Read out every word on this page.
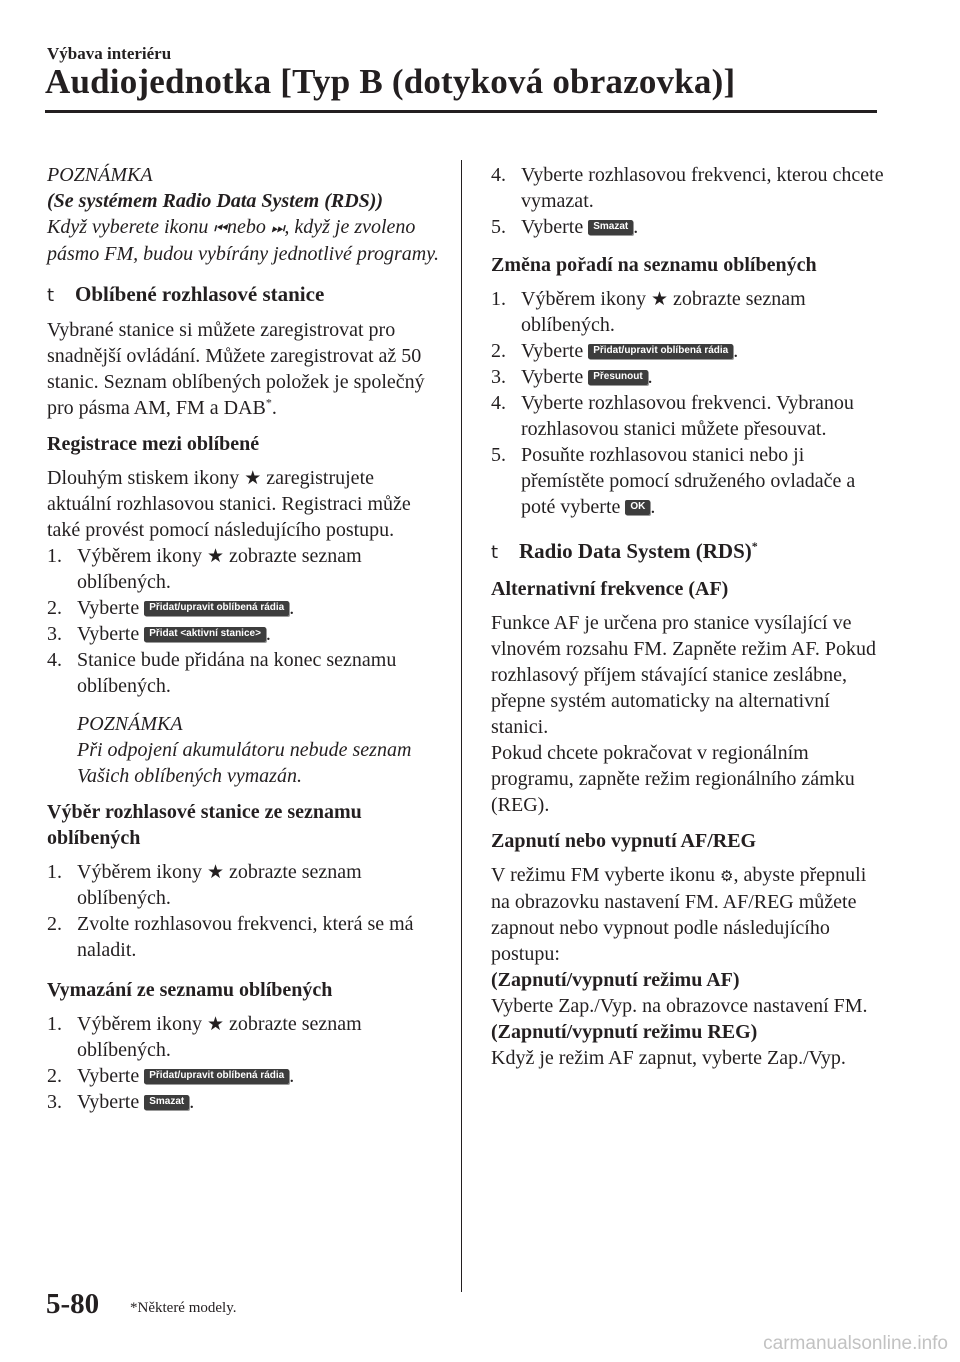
Výbava interiéru
Audiojednotka [Typ B (dotyková obrazovka)]
POZNÁMKA
(Se systémem Radio Data System (RDS))
Když vyberete ikonu ⏮nebo ⏭, když je zvoleno pásmo FM, budou vybírány jednotlivé programy.
t Oblíbené rozhlasové stanice

Vybrané stanice si můžete zaregistrovat pro snadnější ovládání. Můžete zaregistrovat až 50 stanic. Seznam oblíbených položek je společný pro pásma AM, FM a DAB*.

Registrace mezi oblíbené

Dlouhým stiskem ikony ★ zaregistrujete aktuální rozhlasovou stanici. Registraci může také provést pomocí následujícího postupu.

1. Výběrem ikony ★ zobrazte seznam oblíbených.
2. Vyberte Přidat/upravit oblíbená rádia .
3. Vyberte Přidat <aktivní stanice> .
4. Stanice bude přidána na konec seznamu oblíbených.
POZNÁMKA
Při odpojení akumulátoru nebude seznam Vašich oblíbených vymazán.
Výběr rozhlasové stanice ze seznamu oblíbených
1. Výběrem ikony ★ zobrazte seznam oblíbených.
2. Zvolte rozhlasovou frekvenci, která se má naladit.
Vymazání ze seznamu oblíbených
1. Výběrem ikony ★ zobrazte seznam oblíbených.
2. Vyberte Přidat/upravit oblíbená rádia .
3. Vyberte Smazat .
4. Vyberte rozhlasovou frekvenci, kterou chcete vymazat.
5. Vyberte Smazat .
Změna pořadí na seznamu oblíbených
1. Výběrem ikony ★ zobrazte seznam oblíbených.
2. Vyberte Přidat/upravit oblíbená rádia .
3. Vyberte Přesunout .
4. Vyberte rozhlasovou frekvenci. Vybranou rozhlasovou stanici můžete přesouvat.
5. Posuňte rozhlasovou stanici nebo ji přemístěte pomocí sdruženého ovladače a poté vyberte OK .
t Radio Data System (RDS)*
Alternativní frekvence (AF)

Funkce AF je určena pro stanice vysílající ve vlnovém rozsahu FM. Zapněte režim AF. Pokud rozhlasový příjem stávající stanice zeslábne, přepne systém automaticky na alternativní stanici.

Pokud chcete pokračovat v regionálním programu, zapněte režim regionálního zámku (REG).

Zapnutí nebo vypnutí AF/REG

V režimu FM vyberte ikonu ⚙, abyste přepnuli na obrazovku nastavení FM. AF/REG můžete zapnout nebo vypnout podle následujícího postupu:

(Zapnutí/vypnutí režimu AF)
Vyberte Zap./Vyp. na obrazovce nastavení FM.
(Zapnutí/vypnutí režimu REG)
Když je režim AF zapnut, vyberte Zap./Vyp.
5-80 *Některé modely.
carmanualsonline.info
